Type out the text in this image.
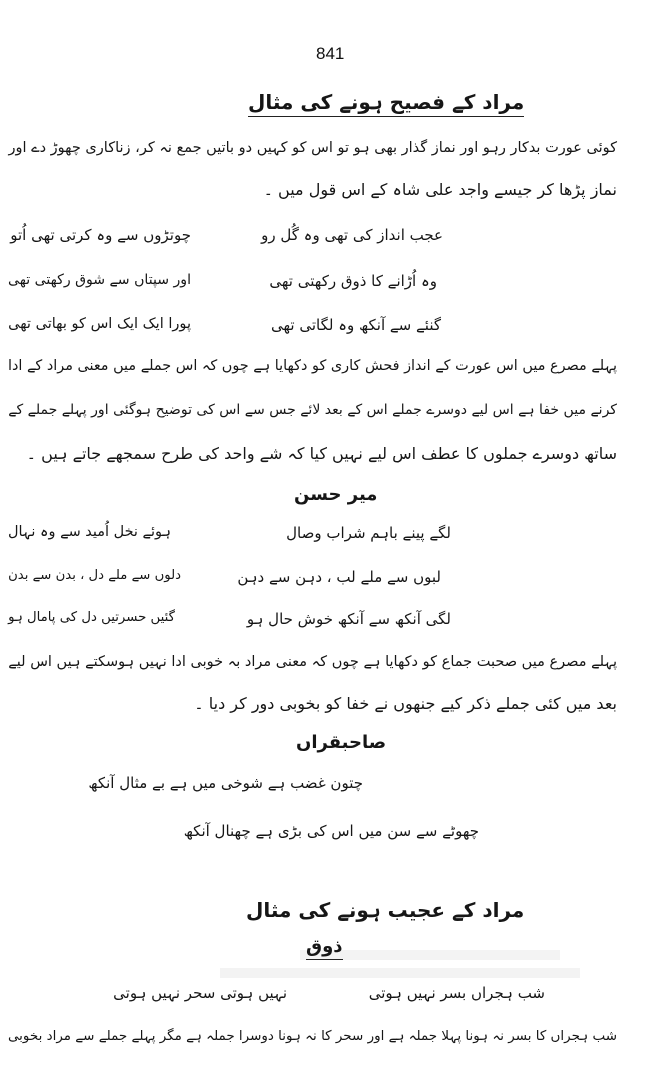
841
مراد کے فصیح ہونے کی مثال
کوئی عورت بدکار رہو اور نماز گذار بھی ہو تو اس کو کہیں دو باتیں جمع نہ کر، زناکاری چھوڑ دے اور
نماز پڑھا کر جیسے واجد علی شاہ کے اس قول میں ۔
عجب انداز کی تھی وہ گُل رو
چوتڑوں سے وہ کرتی تھی اُتو
وہ اُڑانے کا ذوق رکھتی تھی
اور سپتاں سے شوق رکھتی تھی
گنئے سے آنکھ وہ لگاتی تھی
پورا ایک ایک اس کو بھاتی تھی
پہلے مصرع میں اس عورت کے انداز فحش کاری کو دکھایا ہے چوں کہ اس جملے میں معنی مراد کے ادا
کرنے میں خفا ہے اس لیے دوسرے جملے اس کے بعد لائے جس سے اس کی توضیح ہوگئی اور پہلے جملے کے
ساتھ دوسرے جملوں کا عطف اس لیے نہیں کیا کہ شے واحد کی طرح سمجھے جاتے ہیں ۔
میر حسن
لگے پینے باہم شراب وصال
ہوئے نخل اُمید سے وہ نہال
لبوں سے ملے لب ، دہن سے دہن
دلوں سے ملے دل ، بدن سے بدن
لگی آنکھ سے آنکھ خوش حال ہو
گئیں حسرتیں دل کی پامال ہو
پہلے مصرع میں صحبت جماع کو دکھایا ہے چوں کہ معنی مراد بہ خوبی ادا نہیں ہوسکتے ہیں اس لیے
بعد میں کئی جملے ذکر کیے جنھوں نے خفا کو بخوبی دور کر دیا ۔
صاحبقراں
چتون غضب ہے شوخی میں ہے بے مثال آنکھ
چھوٹے سے سن میں اس کی بڑی ہے چھنال آنکھ
مراد کے عجیب ہونے کی مثال
ذوق
شب ہجراں بسر نہیں ہوتی
نہیں ہوتی سحر نہیں ہوتی
شب ہجراں کا بسر نہ ہونا پہلا جملہ ہے اور سحر کا نہ ہونا دوسرا جملہ ہے مگر پہلے جملے سے مراد بخوبی
